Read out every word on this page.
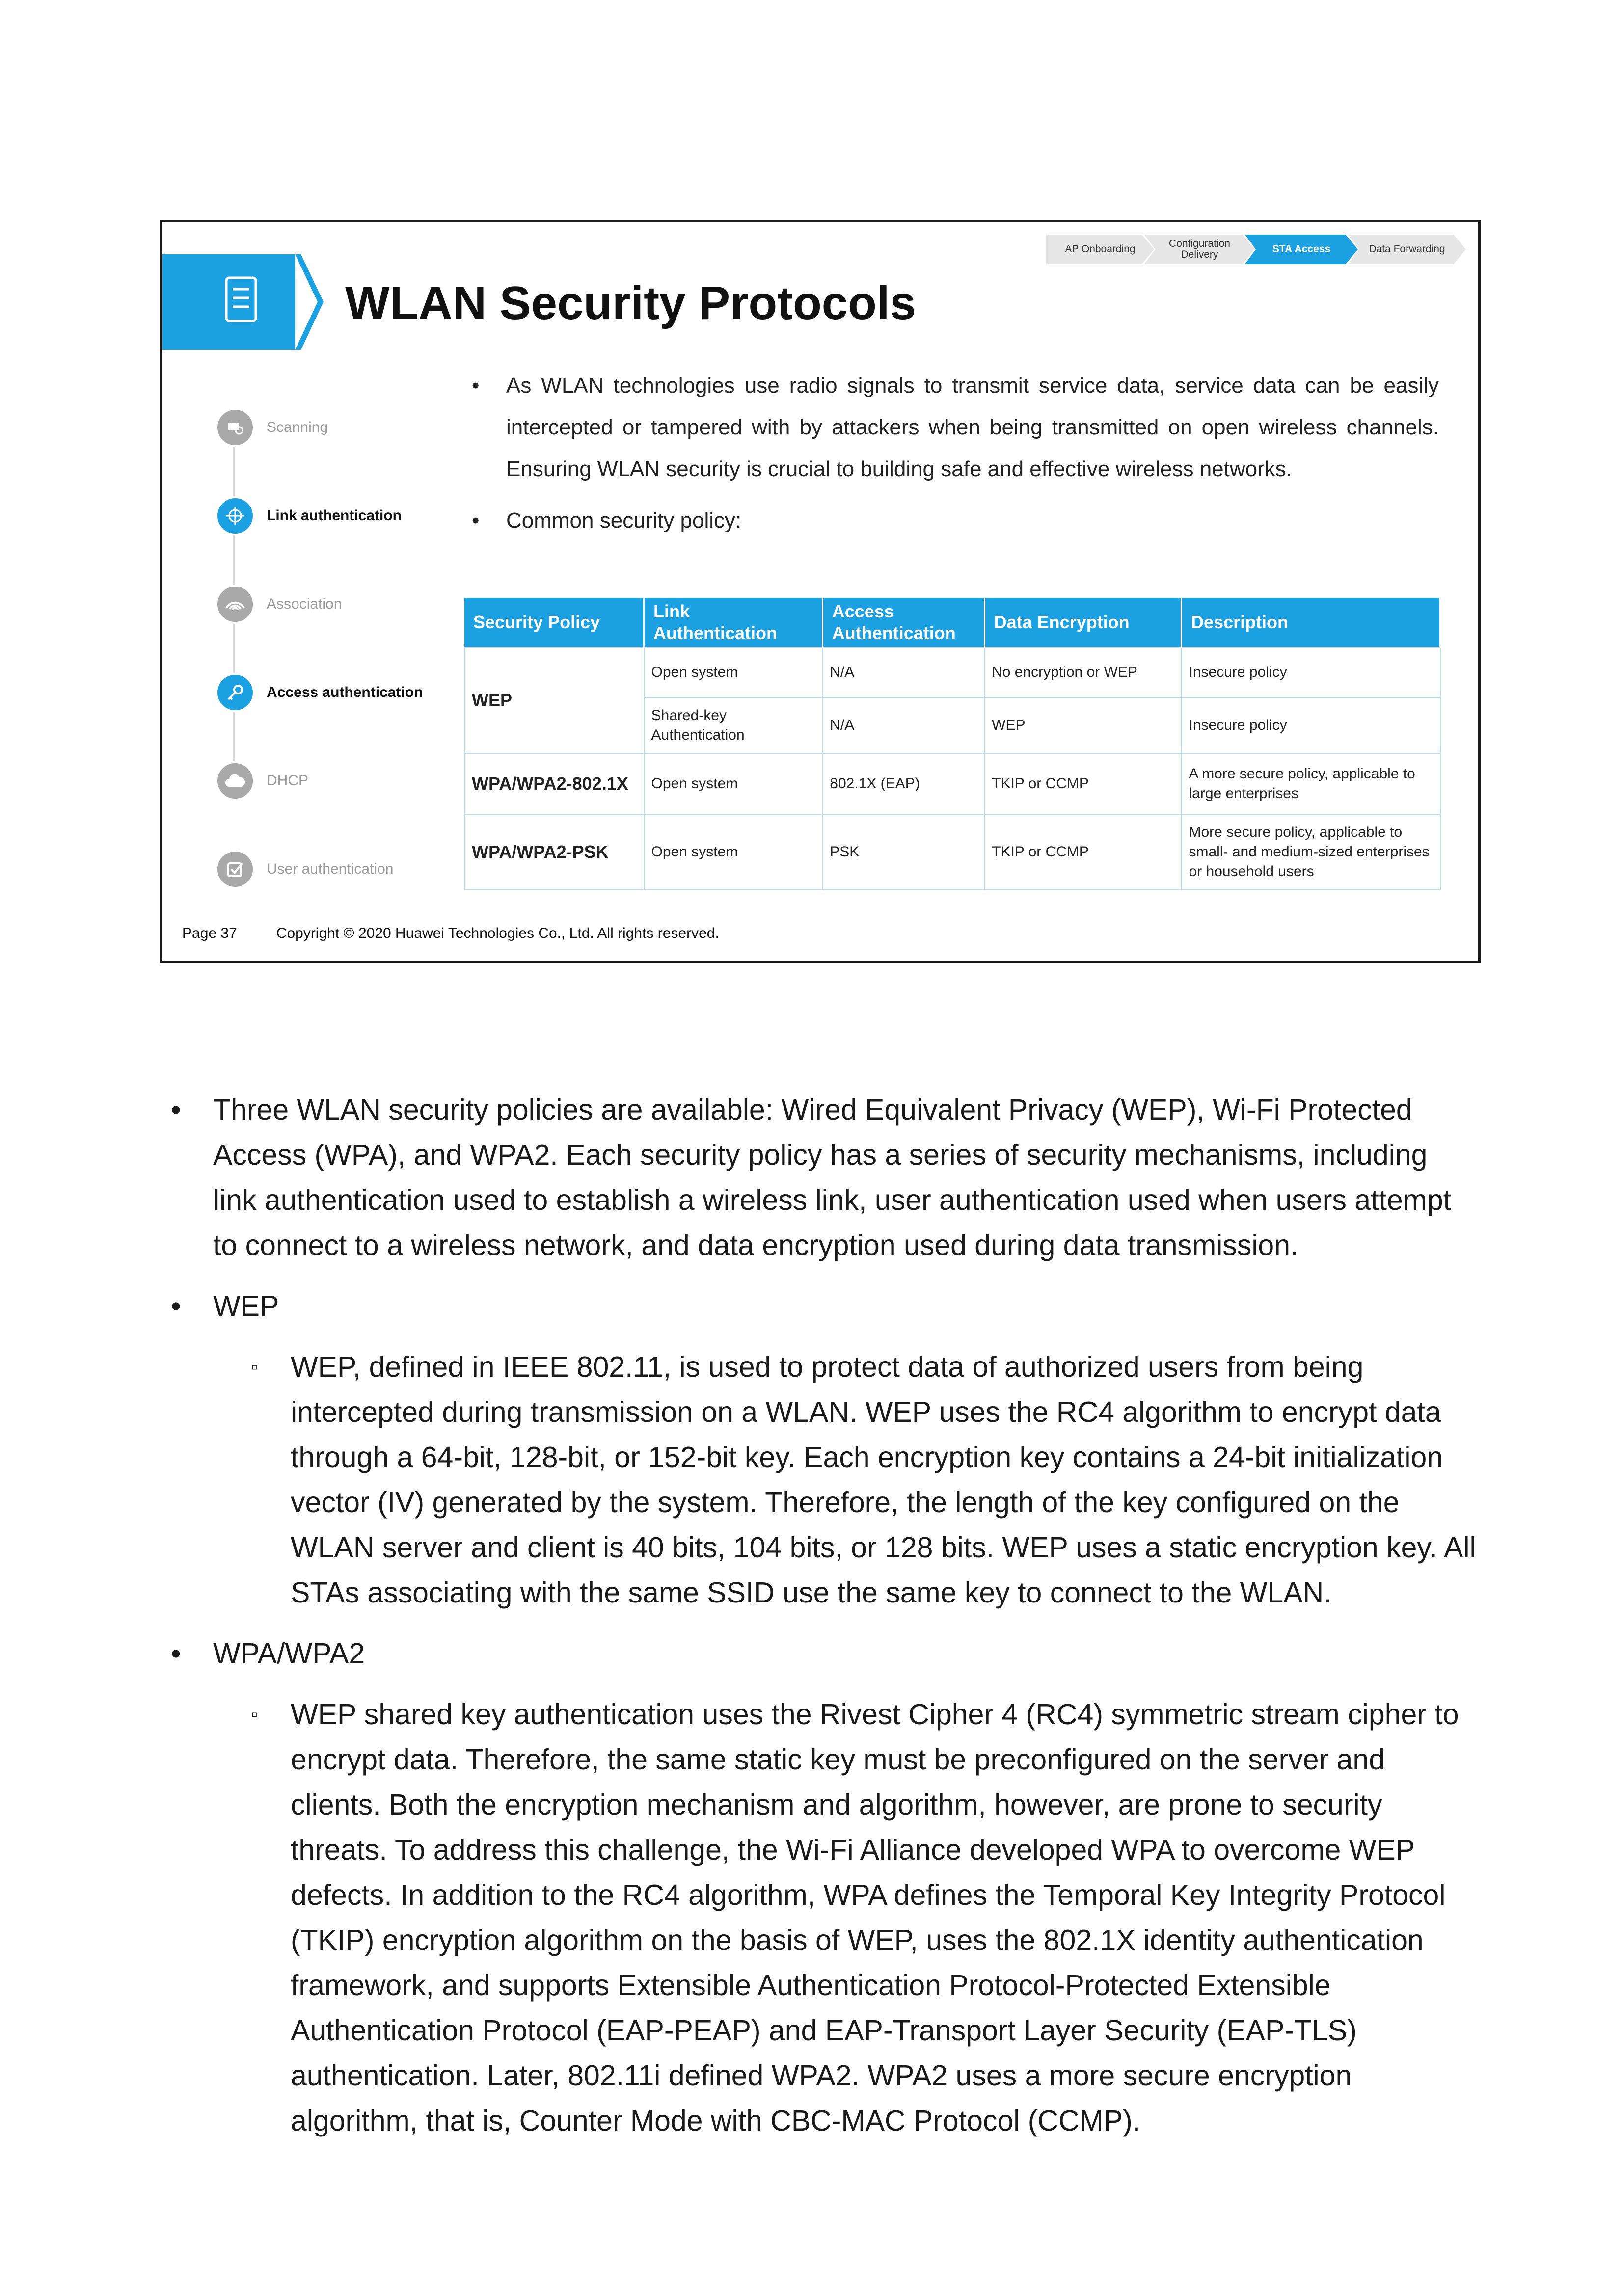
WLAN Security Protocols
AP Onboarding	Configuration Delivery	STA Access	Data Forwarding
Scanning
Link authentication
Association
Access authentication
DHCP
User authentication
• As WLAN technologies use radio signals to transmit service data, service data can be easily intercepted or tampered with by attackers when being transmitted on open wireless channels. Ensuring WLAN security is crucial to building safe and effective wireless networks.
• Common security policy:
Security Policy	Link Authentication	Access Authentication	Data Encryption	Description
WEP	Open system	N/A	No encryption or WEP	Insecure policy
	Shared-key Authentication	N/A	WEP	Insecure policy
WPA/WPA2-802.1X	Open system	802.1X (EAP)	TKIP or CCMP	A more secure policy, applicable to large enterprises
WPA/WPA2-PSK	Open system	PSK	TKIP or CCMP	More secure policy, applicable to small- and medium-sized enterprises or household users
Page 37	Copyright © 2020 Huawei Technologies Co., Ltd. All rights reserved.
• Three WLAN security policies are available: Wired Equivalent Privacy (WEP), Wi-Fi Protected Access (WPA), and WPA2. Each security policy has a series of security mechanisms, including link authentication used to establish a wireless link, user authentication used when users attempt to connect to a wireless network, and data encryption used during data transmission.
• WEP
▫ WEP, defined in IEEE 802.11, is used to protect data of authorized users from being intercepted during transmission on a WLAN. WEP uses the RC4 algorithm to encrypt data through a 64-bit, 128-bit, or 152-bit key. Each encryption key contains a 24-bit initialization vector (IV) generated by the system. Therefore, the length of the key configured on the WLAN server and client is 40 bits, 104 bits, or 128 bits. WEP uses a static encryption key. All STAs associating with the same SSID use the same key to connect to the WLAN.
• WPA/WPA2
▫ WEP shared key authentication uses the Rivest Cipher 4 (RC4) symmetric stream cipher to encrypt data. Therefore, the same static key must be preconfigured on the server and clients. Both the encryption mechanism and algorithm, however, are prone to security threats. To address this challenge, the Wi-Fi Alliance developed WPA to overcome WEP defects. In addition to the RC4 algorithm, WPA defines the Temporal Key Integrity Protocol (TKIP) encryption algorithm on the basis of WEP, uses the 802.1X identity authentication framework, and supports Extensible Authentication Protocol-Protected Extensible Authentication Protocol (EAP-PEAP) and EAP-Transport Layer Security (EAP-TLS) authentication. Later, 802.11i defined WPA2. WPA2 uses a more secure encryption algorithm, that is, Counter Mode with CBC-MAC Protocol (CCMP).
